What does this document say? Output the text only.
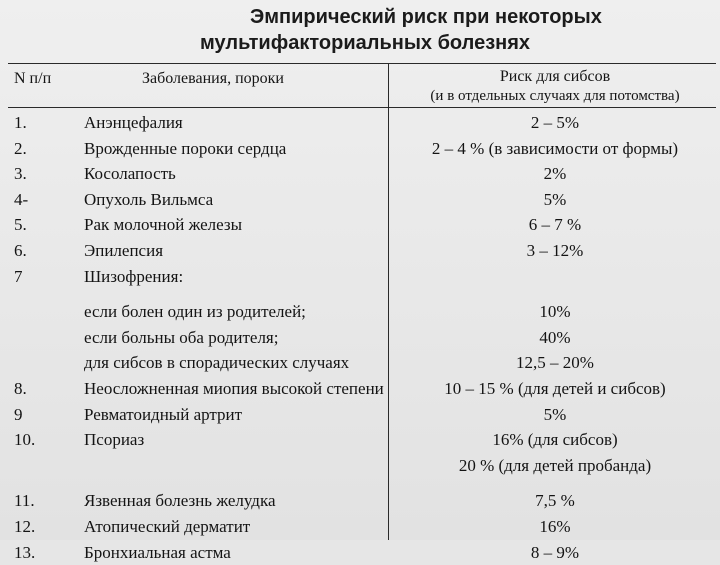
Эмпирический риск при некоторых
мультифакториальных болезнях
N п/п	Заболевания, пороки	Риск для сибсов
(и в отдельных случаях для потомства)
1.	Анэнцефалия	2 – 5%
2.	Врожденные пороки сердца	2 – 4 % (в зависимости от формы)
3.	Косолапость	2%
4-	Опухоль Вильмса	5%
5.	Рак молочной железы	6 – 7 %
6.	Эпилепсия	3 – 12%
7	Шизофрения:
если болен один из родителей;	10%
если больны оба родителя;	40%
для сибсов в спорадических случаях	12,5 – 20%
8.	Неосложненная миопия высокой степени	10 – 15 % (для детей и сибсов)
9	Ревматоидный артрит	5%
10.	Псориаз	16% (для сибсов)
20 % (для детей пробанда)
11.	Язвенная болезнь желудка	7,5 %
12.	Атопический дерматит	16%
13.	Бронхиальная астма	8 – 9%
